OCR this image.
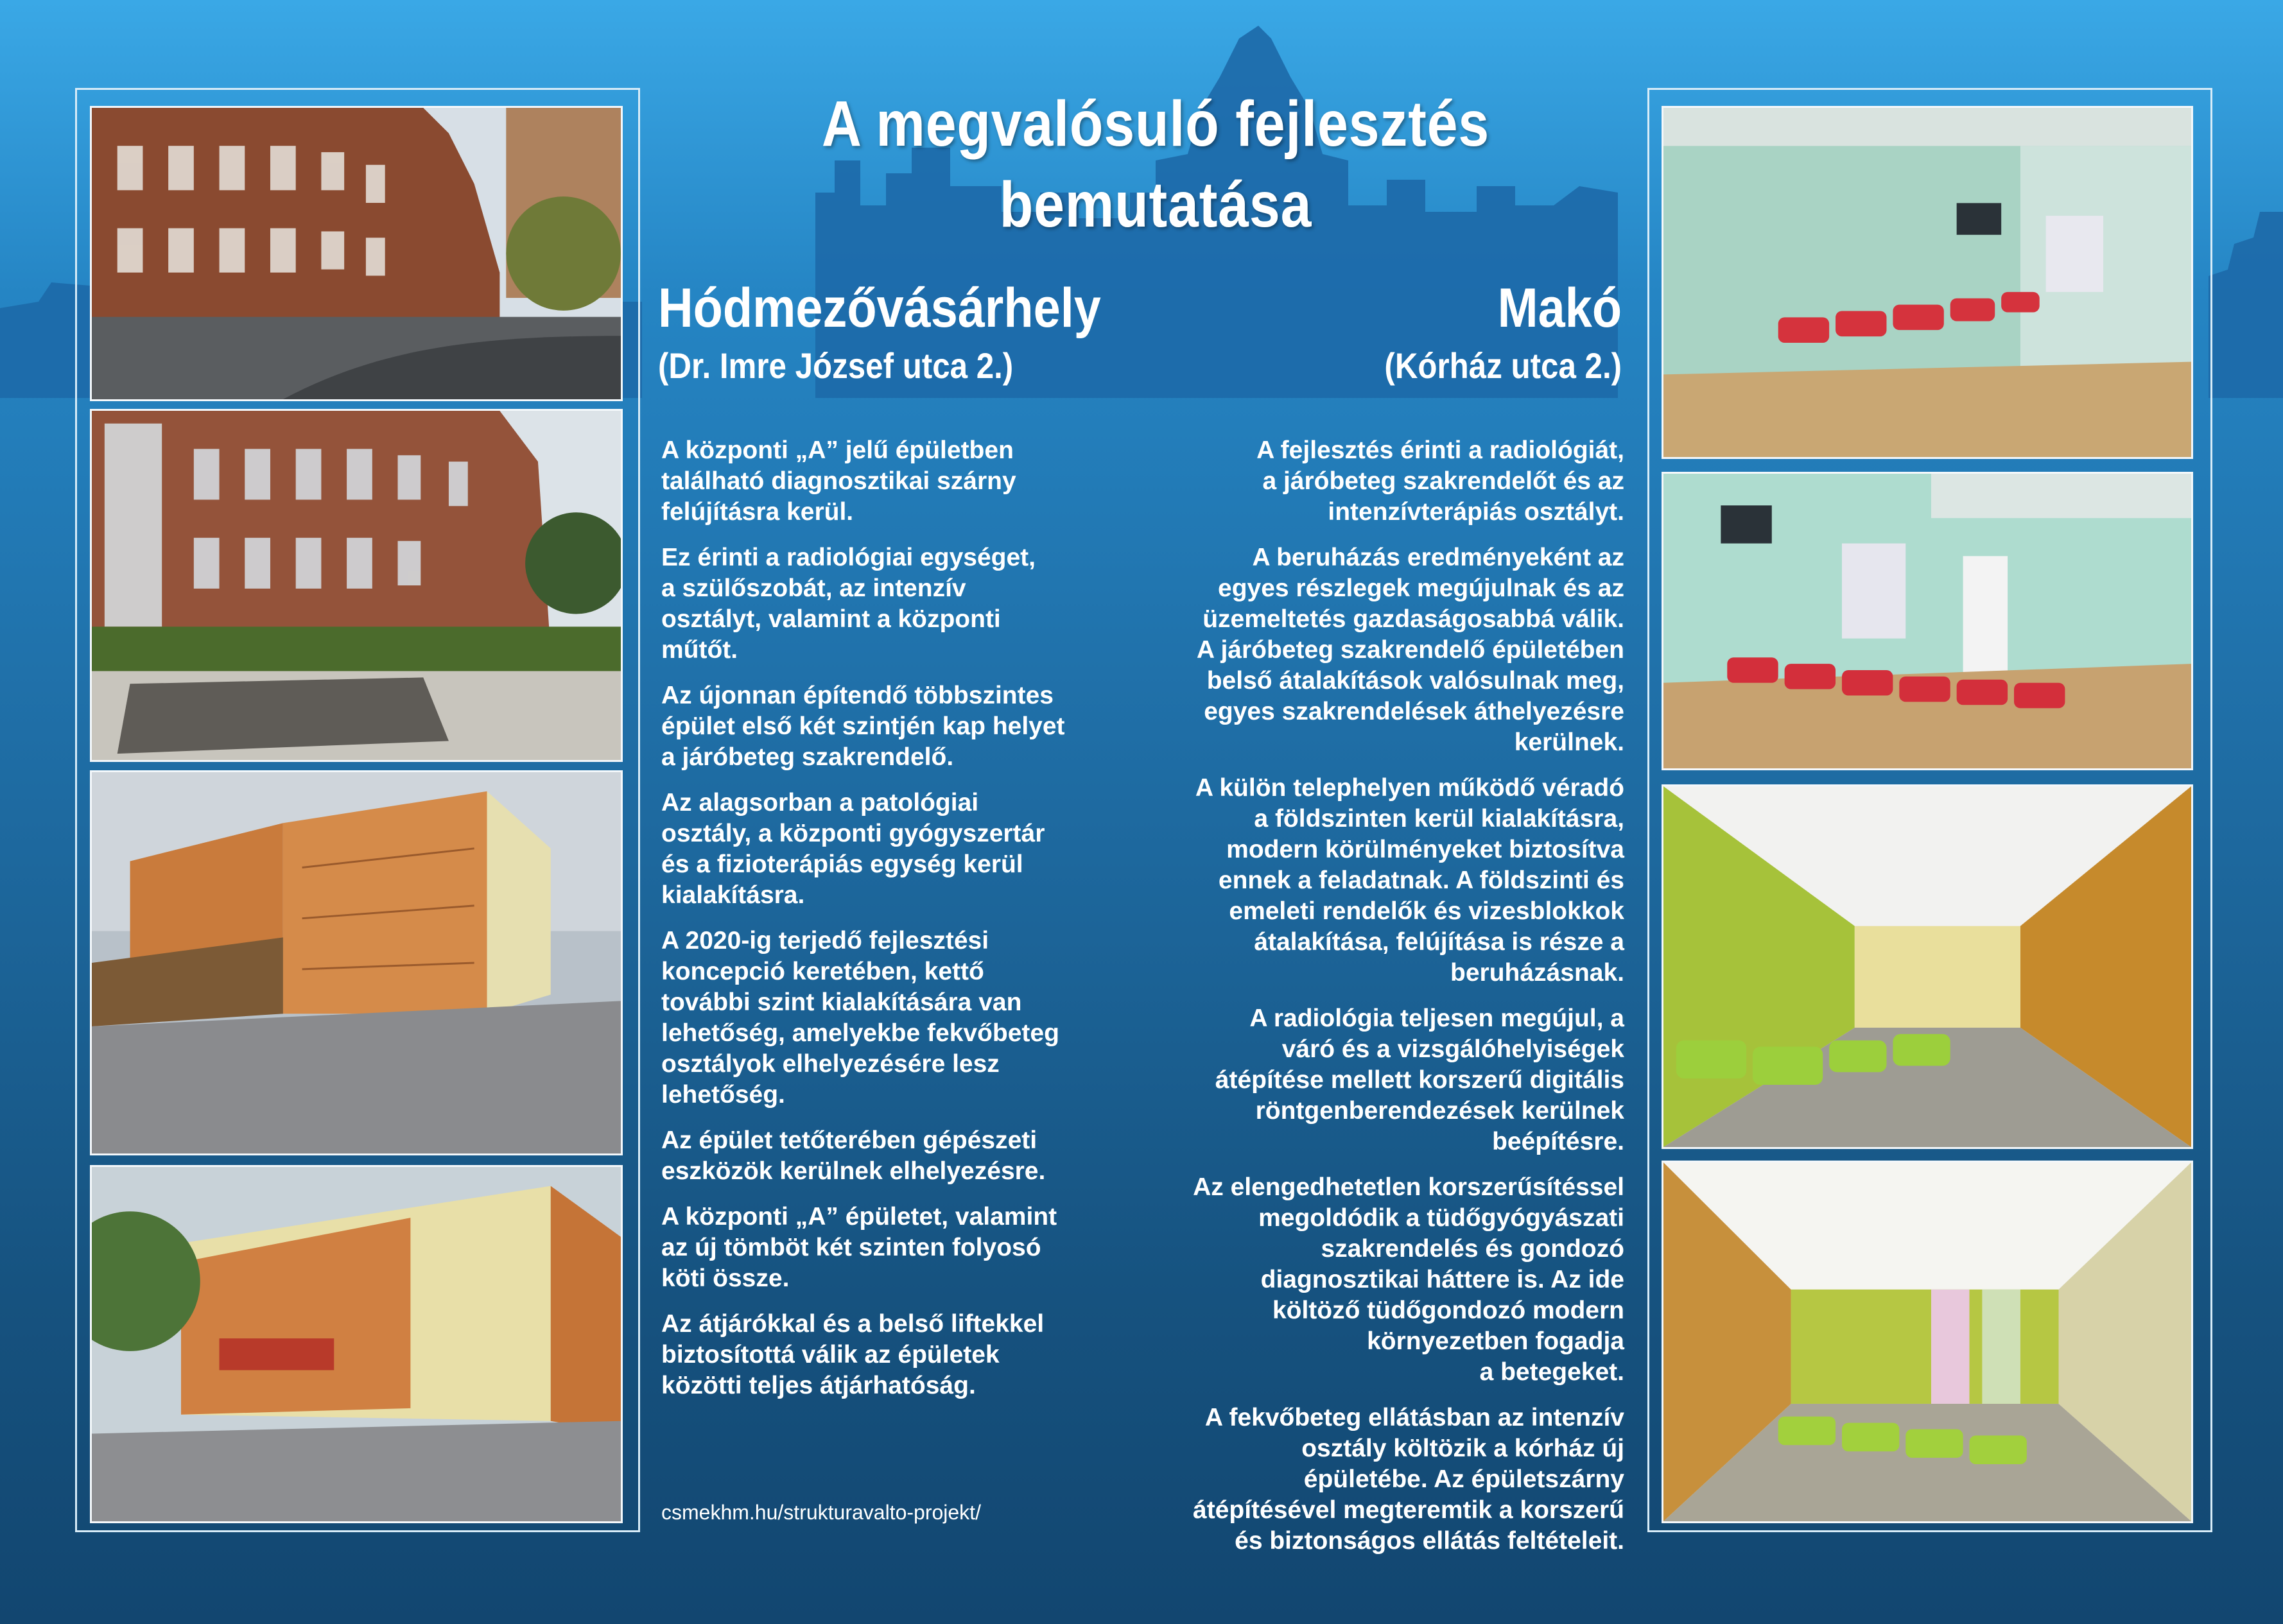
A megvalósuló fejlesztés
bemutatása
Hódmezővásárhely
(Dr. Imre József utca 2.)
Makó
(Kórház utca 2.)

A központi „A” jelű épületben
található diagnosztikai szárny
felújításra kerül.

Ez érinti a radiológiai egységet,
a szülőszobát, az intenzív
osztályt, valamint a központi
műtőt.

Az újonnan építendő többszintes
épület első két szintjén kap helyet
a járóbeteg szakrendelő.

Az alagsorban a patológiai
osztály, a központi gyógyszertár
és a fizioterápiás egység kerül
kialakításra.

A 2020-ig terjedő fejlesztési
koncepció keretében, kettő
további szint kialakítására van
lehetőség, amelyekbe fekvőbeteg
osztályok elhelyezésére lesz
lehetőség.

Az épület tetőterében gépészeti
eszközök kerülnek elhelyezésre.

A központi „A” épületet, valamint
az új tömböt két szinten folyosó
köti össze.

Az átjárókkal és a belső liftekkel
biztosítottá válik az épületek
közötti teljes átjárhatóság.

A fejlesztés érinti a radiológiát,
a járóbeteg szakrendelőt és az
intenzívterápiás osztályt.

A beruházás eredményeként az
egyes részlegek megújulnak és az
üzemeltetés gazdaságosabbá válik.
A járóbeteg szakrendelő épületében
belső átalakítások valósulnak meg,
egyes szakrendelések áthelyezésre
kerülnek.

A külön telephelyen működő véradó
a földszinten kerül kialakításra,
modern körülményeket biztosítva
ennek a feladatnak. A földszinti és
emeleti rendelők és vizesblokkok
átalakítása, felújítása is része a
beruházásnak.

A radiológia teljesen megújul, a
váró és a vizsgálóhelyiségek
átépítése mellett korszerű digitális
röntgenberendezések kerülnek
beépítésre.

Az elengedhetetlen korszerűsítéssel
megoldódik a tüdőgyógyászati
szakrendelés és gondozó
diagnosztikai háttere is. Az ide
költöző tüdőgondozó modern
környezetben fogadja
a betegeket.

A fekvőbeteg ellátásban az intenzív
osztály költözik a kórház új
épületébe. Az épületszárny
átépítésével megteremtik a korszerű
és biztonságos ellátás feltételeit.

csmekhm.hu/strukturavalto-projekt/
